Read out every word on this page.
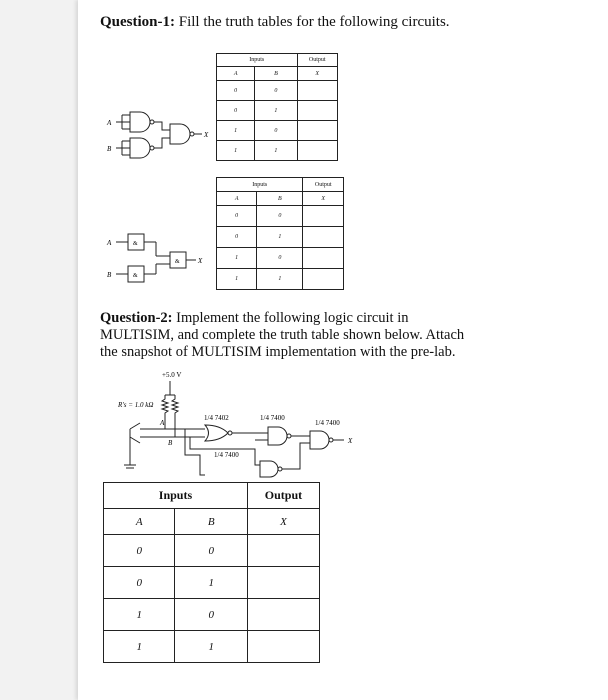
Question-1: Fill the truth tables for the following circuits.
A
B
X
Inputs		Output
A	B	X
0	0	
0	1	
1	0	
1	1	
&
&
&
A
B
X
Inputs		Output
A	B	X
0	0	
0	1	
1	0	
1	1	
Question-2: Implement the following logic circuit in MULTISIM, and complete the truth table shown below. Attach the snapshot of MULTISIM implementation with the pre-lab.
+5.0 V
R's = 1.0 kΩ
A
B
1/4 7402	1/4 7400
1/4 7400
1/4 7400
X
Inputs		Output
A	B	X
0	0	
0	1	
1	0	
1	1	
